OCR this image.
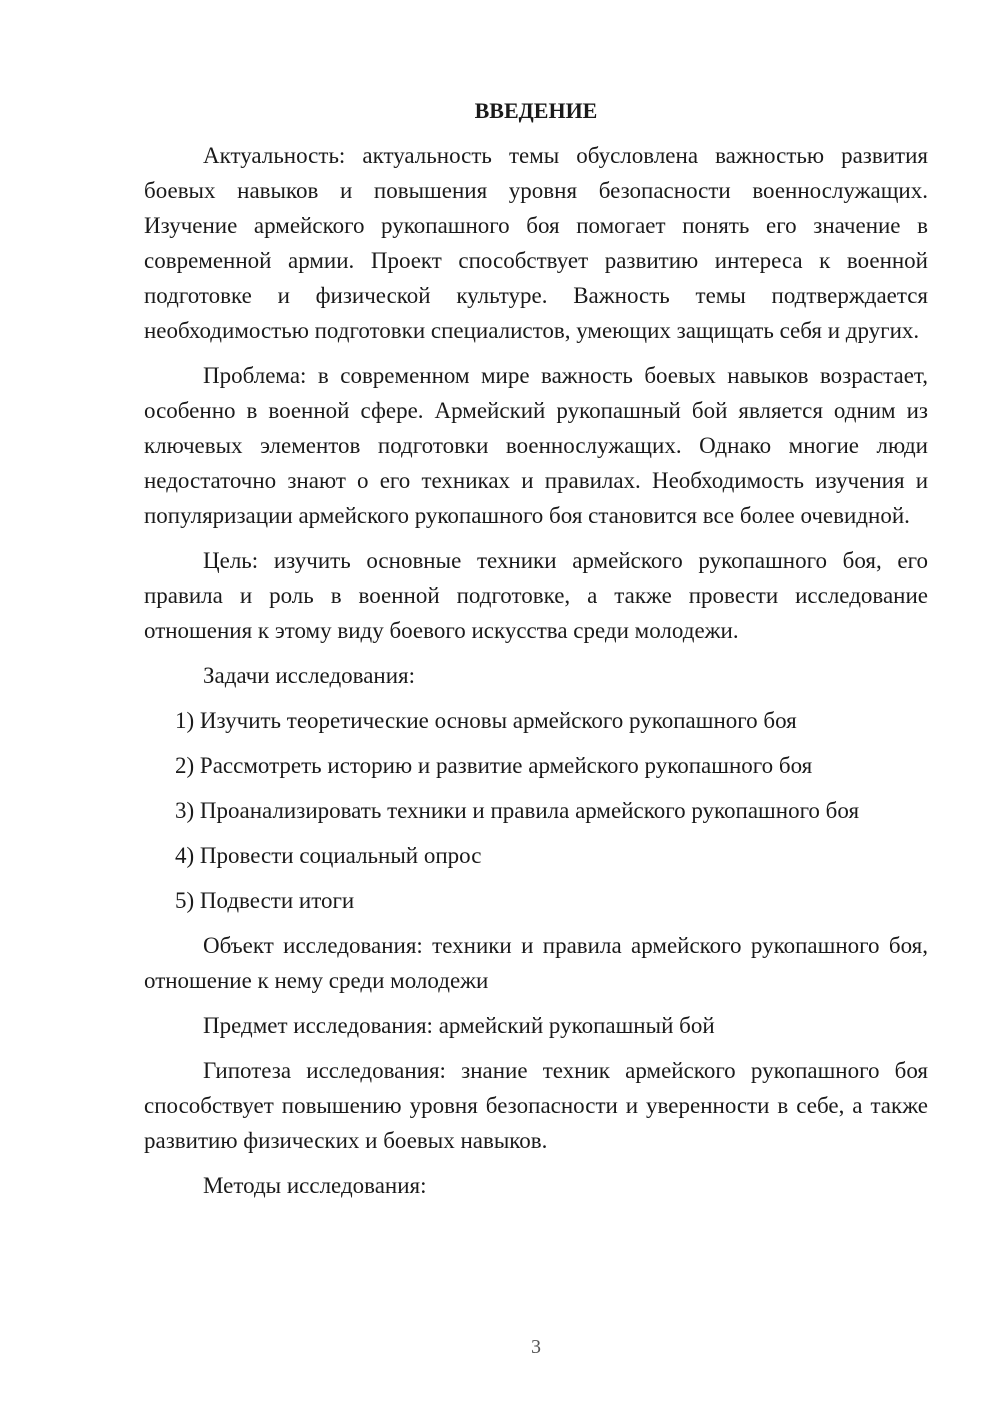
ВВЕДЕНИЕ

Актуальность: актуальность темы обусловлена важностью развития боевых навыков и повышения уровня безопасности военнослужащих. Изучение армейского рукопашного боя помогает понять его значение в современной армии. Проект способствует развитию интереса к военной подготовке и физической культуре. Важность темы подтверждается необходимостью подготовки специалистов, умеющих защищать себя и других.

Проблема: в современном мире важность боевых навыков возрастает, особенно в военной сфере. Армейский рукопашный бой является одним из ключевых элементов подготовки военнослужащих. Однако многие люди недостаточно знают о его техниках и правилах. Необходимость изучения и популяризации армейского рукопашного боя становится все более очевидной.

Цель: изучить основные техники армейского рукопашного боя, его правила и роль в военной подготовке, а также провести исследование отношения к этому виду боевого искусства среди молодежи.

Задачи исследования:

1) Изучить теоретические основы армейского рукопашного боя
2) Рассмотреть историю и развитие армейского рукопашного боя
3) Проанализировать техники и правила армейского рукопашного боя
4) Провести социальный опрос
5) Подвести итоги

Объект исследования: техники и правила армейского рукопашного боя, отношение к нему среди молодежи

Предмет исследования: армейский рукопашный бой

Гипотеза исследования: знание техник армейского рукопашного боя способствует повышению уровня безопасности и уверенности в себе, а также развитию физических и боевых навыков.

Методы исследования:

3
